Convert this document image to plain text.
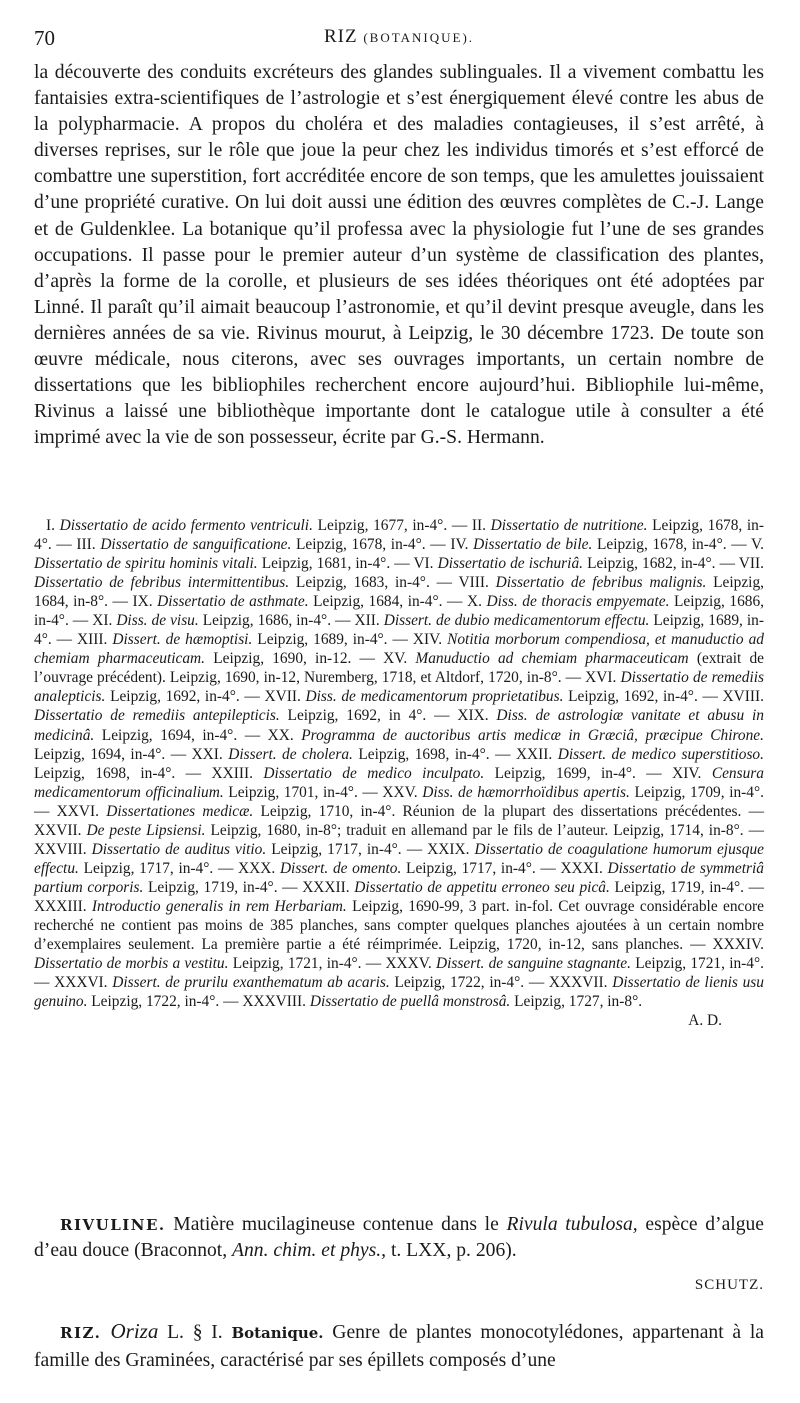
70	RIZ (BOTANIQUE).

la découverte des conduits excréteurs des glandes sublinguales. Il a vivement combattu les fantaisies extra-scientifiques de l’astrologie et s’est énergiquement élevé contre les abus de la polypharmacie. A propos du choléra et des maladies contagieuses, il s’est arrêté, à diverses reprises, sur le rôle que joue la peur chez les individus timorés et s’est efforcé de combattre une superstition, fort accréditée encore de son temps, que les amulettes jouissaient d’une propriété curative. On lui doit aussi une édition des œuvres complètes de C.-J. Lange et de Guldenklee. La botanique qu’il professa avec la physiologie fut l’une de ses grandes occupations. Il passe pour le premier auteur d’un système de classification des plantes, d’après la forme de la corolle, et plusieurs de ses idées théoriques ont été adoptées par Linné. Il paraît qu’il aimait beaucoup l’astronomie, et qu’il devint presque aveugle, dans les dernières années de sa vie. Rivinus mourut, à Leipzig, le 30 décembre 1723. De toute son œuvre médicale, nous citerons, avec ses ouvrages importants, un certain nombre de dissertations que les bibliophiles recherchent encore aujourd’hui. Bibliophile lui-même, Rivinus a laissé une bibliothèque importante dont le catalogue utile à consulter a été imprimé avec la vie de son possesseur, écrite par G.-S. Hermann.

I. Dissertatio de acido fermento ventriculi. Leipzig, 1677, in-4°. — II. Dissertatio de nutritione. Leipzig, 1678, in-4°. — III. Dissertatio de sanguificatione. Leipzig, 1678, in-4°. — IV. Dissertatio de bile. Leipzig, 1678, in-4°. — V. Dissertatio de spiritu hominis vitali. Leipzig, 1681, in-4°. — VI. Dissertatio de ischuriâ. Leipzig, 1682, in-4°. — VII. Dissertatio de febribus intermittentibus. Leipzig, 1683, in-4°. — VIII. Dissertatio de febribus malignis. Leipzig, 1684, in-8°. — IX. Dissertatio de asthmate. Leipzig, 1684, in-4°. — X. Diss. de thoracis empyemate. Leipzig, 1686, in-4°. — XI. Diss. de visu. Leipzig, 1686, in-4°. — XII. Dissert. de dubio medicamentorum effectu. Leipzig, 1689, in-4°. — XIII. Dissert. de hæmoptisi. Leipzig, 1689, in-4°. — XIV. Notitia morborum compendiosa, et manuductio ad chemiam pharmaceuticam. Leipzig, 1690, in-12. — XV. Manuductio ad chemiam pharmaceuticam (extrait de l’ouvrage précédent). Leipzig, 1690, in-12, Nuremberg, 1718, et Altdorf, 1720, in-8°. — XVI. Dissertatio de remediis analepticis. Leipzig, 1692, in-4°. — XVII. Diss. de medicamentorum proprietatibus. Leipzig, 1692, in-4°. — XVIII. Dissertatio de remediis antepilepticis. Leipzig, 1692, in 4°. — XIX. Diss. de astrologiæ vanitate et abusu in medicinâ. Leipzig, 1694, in-4°. — XX. Programma de auctoribus artis medicæ in Græciâ, præcipue Chirone. Leipzig, 1694, in-4°. — XXI. Dissert. de cholera. Leipzig, 1698, in-4°. — XXII. Dissert. de medico superstitioso. Leipzig, 1698, in-4°. — XXIII. Dissertatio de medico inculpato. Leipzig, 1699, in-4°. — XIV. Censura medicamentorum officinalium. Leipzig, 1701, in-4°. — XXV. Diss. de hæmorrhoïdibus apertis. Leipzig, 1709, in-4°. — XXVI. Dissertationes medicæ. Leipzig, 1710, in-4°. Réunion de la plupart des dissertations précédentes. — XXVII. De peste Lipsiensi. Leipzig, 1680, in-8°; traduit en allemand par le fils de l’auteur. Leipzig, 1714, in-8°. — XXVIII. Dissertatio de auditus vitio. Leipzig, 1717, in-4°. — XXIX. Dissertatio de coagulatione humorum ejusque effectu. Leipzig, 1717, in-4°. — XXX. Dissert. de omento. Leipzig, 1717, in-4°. — XXXI. Dissertatio de symmetriâ partium corporis. Leipzig, 1719, in-4°. — XXXII. Dissertatio de appetitu erroneo seu picâ. Leipzig, 1719, in-4°. — XXXIII. Introductio generalis in rem Herbariam. Leipzig, 1690-99, 3 part. in-fol. Cet ouvrage considérable encore recherché ne contient pas moins de 385 planches, sans compter quelques planches ajoutées à un certain nombre d’exemplaires seulement. La première partie a été réimprimée. Leipzig, 1720, in-12, sans planches. — XXXIV. Dissertatio de morbis a vestitu. Leipzig, 1721, in-4°. — XXXV. Dissert. de sanguine stagnante. Leipzig, 1721, in-4°. — XXXVI. Dissert. de prurilu exanthematum ab acaris. Leipzig, 1722, in-4°. — XXXVII. Dissertatio de lienis usu genuino. Leipzig, 1722, in-4°. — XXXVIII. Dissertatio de puellâ monstrosâ. Leipzig, 1727, in-8°.

A. D.

RIVULINE. Matière mucilagineuse contenue dans le Rivula tubulosa, espèce d’algue d’eau douce (Braconnot, Ann. chim. et phys., t. LXX, p. 206).

SCHUTZ.

RIZ. Oriza L. § I. Botanique. Genre de plantes monocotylédones, appartenant à la famille des Graminées, caractérisé par ses épillets composés d’une
